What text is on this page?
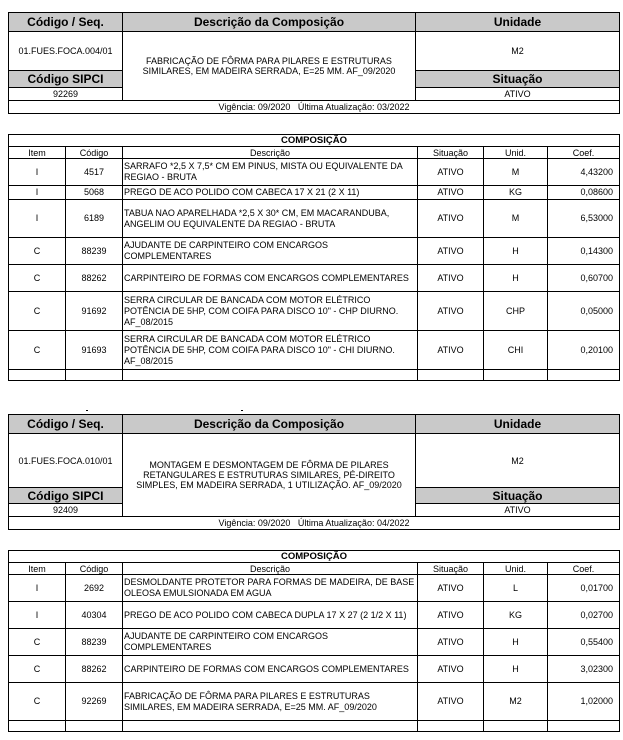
Código / Seq.	Descrição da Composição	Unidade
01.FUES.FOCA.004/01	FABRICAÇÃO DE FÔRMA PARA PILARES E ESTRUTURAS SIMILARES, EM MADEIRA SERRADA, E=25 MM. AF_09/2020	M2
Código SIPCI		Situação
92269		ATIVO
Vigência: 09/2020   Última Atualização: 03/2022		
COMPOSIÇÃO					
Item	Código	Descrição	Situação	Unid.	Coef.
I	4517	SARRAFO *2,5 X 7,5* CM EM PINUS, MISTA OU EQUIVALENTE DA REGIAO - BRUTA	ATIVO	M	4,43200
I	5068	PREGO DE ACO POLIDO COM CABECA 17 X 21 (2 X 11)	ATIVO	KG	0,08600
I	6189	TABUA NAO APARELHADA *2,5 X 30* CM, EM MACARANDUBA, ANGELIM OU EQUIVALENTE DA REGIAO - BRUTA	ATIVO	M	6,53000
C	88239	AJUDANTE DE CARPINTEIRO COM ENCARGOS COMPLEMENTARES	ATIVO	H	0,14300
C	88262	CARPINTEIRO DE FORMAS COM ENCARGOS COMPLEMENTARES	ATIVO	H	0,60700
C	91692	SERRA CIRCULAR DE BANCADA COM MOTOR ELÉTRICO POTÊNCIA DE 5HP, COM COIFA PARA DISCO 10" - CHP DIURNO. AF_08/2015	ATIVO	CHP	0,05000
C	91693	SERRA CIRCULAR DE BANCADA COM MOTOR ELÉTRICO POTÊNCIA DE 5HP, COM COIFA PARA DISCO 10" - CHI DIURNO. AF_08/2015	ATIVO	CHI	0,20100

Código / Seq.	Descrição da Composição	Unidade
01.FUES.FOCA.010/01	MONTAGEM E DESMONTAGEM DE FÔRMA DE PILARES RETANGULARES E ESTRUTURAS SIMILARES, PÉ-DIREITO SIMPLES, EM MADEIRA SERRADA, 1 UTILIZAÇÃO. AF_09/2020	M2
Código SIPCI		Situação
92409		ATIVO
Vigência: 09/2020   Última Atualização: 04/2022		
COMPOSIÇÃO					
Item	Código	Descrição	Situação	Unid.	Coef.
I	2692	DESMOLDANTE PROTETOR PARA FORMAS DE MADEIRA, DE BASE OLEOSA EMULSIONADA EM AGUA	ATIVO	L	0,01700
I	40304	PREGO DE ACO POLIDO COM CABECA DUPLA 17 X 27 (2 1/2 X 11)	ATIVO	KG	0,02700
C	88239	AJUDANTE DE CARPINTEIRO COM ENCARGOS COMPLEMENTARES	ATIVO	H	0,55400
C	88262	CARPINTEIRO DE FORMAS COM ENCARGOS COMPLEMENTARES	ATIVO	H	3,02300
C	92269	FABRICAÇÃO DE FÔRMA PARA PILARES E ESTRUTURAS SIMILARES, EM MADEIRA SERRADA, E=25 MM. AF_09/2020	ATIVO	M2	1,02000
